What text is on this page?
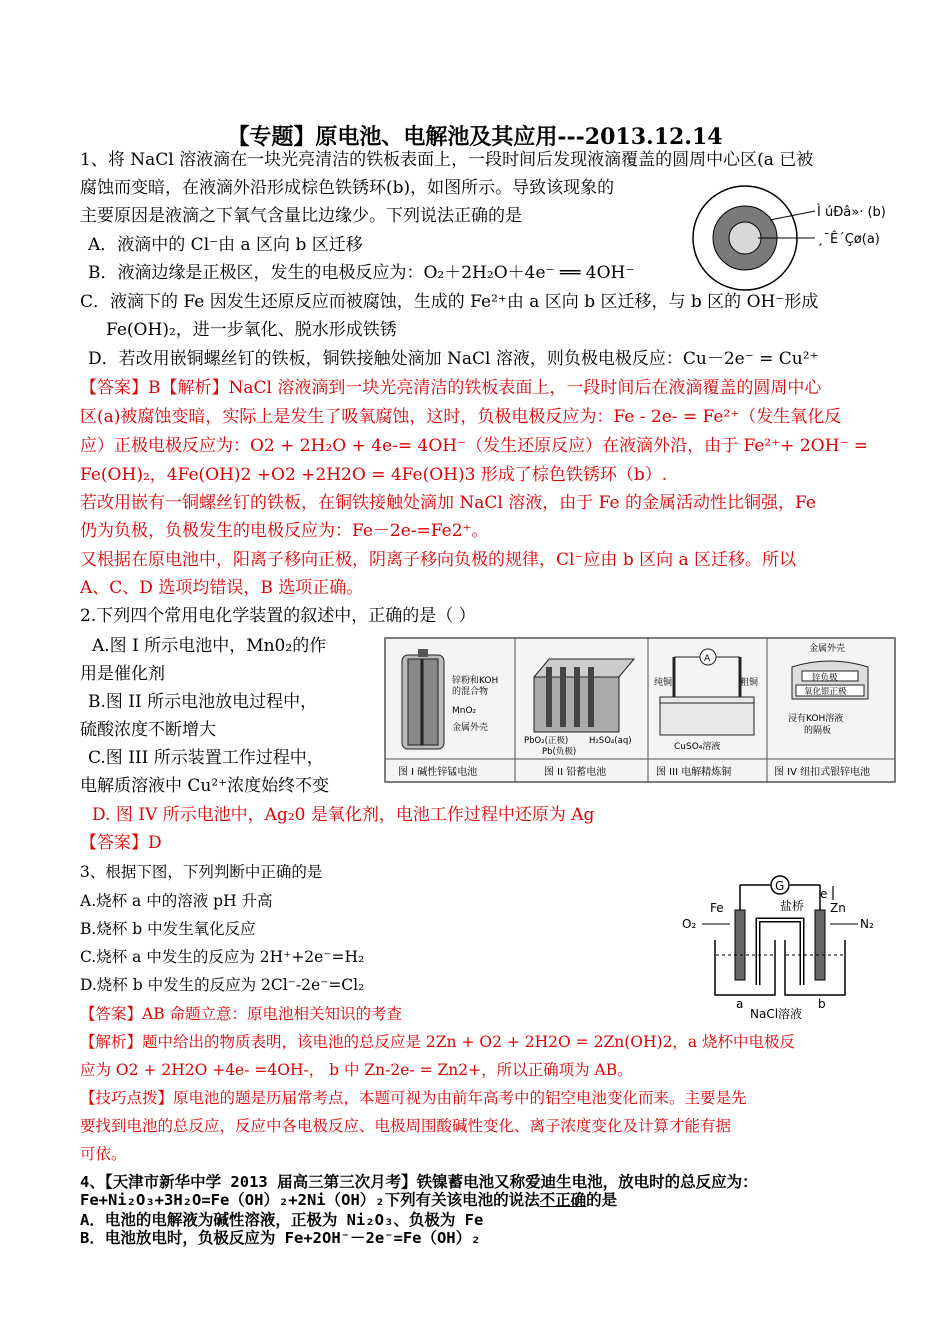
【专题】原电池、电解池及其应用---2013.12.14
1、将 NaCl 溶液滴在一块光亮清洁的铁板表面上，一段时间后发现液滴覆盖的圆周中心区(a 已被
腐蚀而变暗，在液滴外沿形成棕色铁锈环(b)，如图所示。导致该现象的
主要原因是液滴之下氧气含量比边缘少。下列说法正确的是
A．液滴中的 Cl⁻由 a 区向 b 区迁移
B．液滴边缘是正极区，发生的电极反应为：O₂＋2H₂O＋4e⁻ ══ 4OH⁻
C．液滴下的 Fe 因发生还原反应而被腐蚀，生成的 Fe²⁺由 a 区向 b 区迁移，与 b 区的 OH⁻形成
Fe(OH)₂，进一步氧化、脱水形成铁锈
D．若改用嵌铜螺丝钉的铁板，铜铁接触处滴加 NaCl 溶液，则负极电极反应：Cu－2e⁻ = Cu²⁺
Ì úÐâ»· (b)
¸¯Ê´Çø(a)
【答案】B【解析】NaCl 溶液滴到一块光亮清洁的铁板表面上，一段时间后在液滴覆盖的圆周中心
区(a)被腐蚀变暗，实际上是发生了吸氧腐蚀，这时，负极电极反应为：Fe - 2e- = Fe²⁺（发生氧化反
应）正极电极反应为：O2 + 2H₂O + 4e-= 4OH⁻（发生还原反应）在液滴外沿，由于 Fe²⁺+ 2OH⁻ =
Fe(OH)₂，4Fe(OH)2 +O2 +2H2O = 4Fe(OH)3 形成了棕色铁锈环（b）.
若改用嵌有一铜螺丝钉的铁板，在铜铁接触处滴加 NaCl 溶液，由于 Fe 的金属活动性比铜强，Fe
仍为负极，负极发生的电极反应为：Fe－2e-=Fe2⁺。
又根据在原电池中，阳离子移向正极，阴离子移向负极的规律，Cl⁻应由 b 区向 a 区迁移。所以
A、C、D 选项均错误，B 选项正确。
2.下列四个常用电化学装置的叙述中，正确的是（ ）
A.图 I 所示电池中，Mn0₂的作
用是催化剂
B.图 II 所示电池放电过程中，
硫酸浓度不断增大
C.图 III 所示装置工作过程中，
电解质溶液中 Cu²⁺浓度始终不变
D. 图 IV 所示电池中，Ag₂0 是氧化剂，电池工作过程中还原为 Ag
【答案】D
锌粉和KOH
的混合物
MnO₂
金属外壳
图 I 碱性锌锰电池
PbO₂(正极) H₂SO₄(aq)
Pb(负极)
图 II 铅蓄电池
A
纯铜	粗铜
CuSO₄溶液
图 III 电解精炼铜
金属外壳
锌负极
氧化银正极
浸有KOH溶液
的隔板
图 IV 纽扣式银锌电池
3、根据下图，下列判断中正确的是
A.烧杯 a 中的溶液 pH 升高
B.烧杯 b 中发生氧化反应
C.烧杯 a 中发生的反应为 2H⁺+2e⁻=H₂
D.烧杯 b 中发生的反应为 2Cl⁻-2e⁻=Cl₂
【答案】AB 命题立意：原电池相关知识的考查
【解析】题中给出的物质表明，该电池的总反应是 2Zn + O2 + 2H2O = 2Zn(OH)2，a 烧杯中电极反
应为 O2 + 2H2O +4e- =4OH-， b 中 Zn-2e- = Zn2+，所以正确项为 AB。
【技巧点拨】原电池的题是历届常考点，本题可视为由前年高考中的铝空电池变化而来。主要是先
要找到电池的总反应，反应中各电极反应、电极周围酸碱性变化、离子浓度变化及计算才能有据
可依。
G
e
盐桥
Fe	Zn
O₂	N₂
a	b
NaCl溶液
4、【天津市新华中学 2013 届高三第三次月考】铁镍蓄电池又称爱迪生电池，放电时的总反应为：
Fe+Ni₂O₃+3H₂O=Fe（OH）₂+2Ni（OH）₂下列有关该电池的说法不正确的是
A．电池的电解液为碱性溶液，正极为 Ni₂O₃、负极为 Fe
B．电池放电时，负极反应为 Fe+2OH⁻－2e⁻=Fe（OH）₂
